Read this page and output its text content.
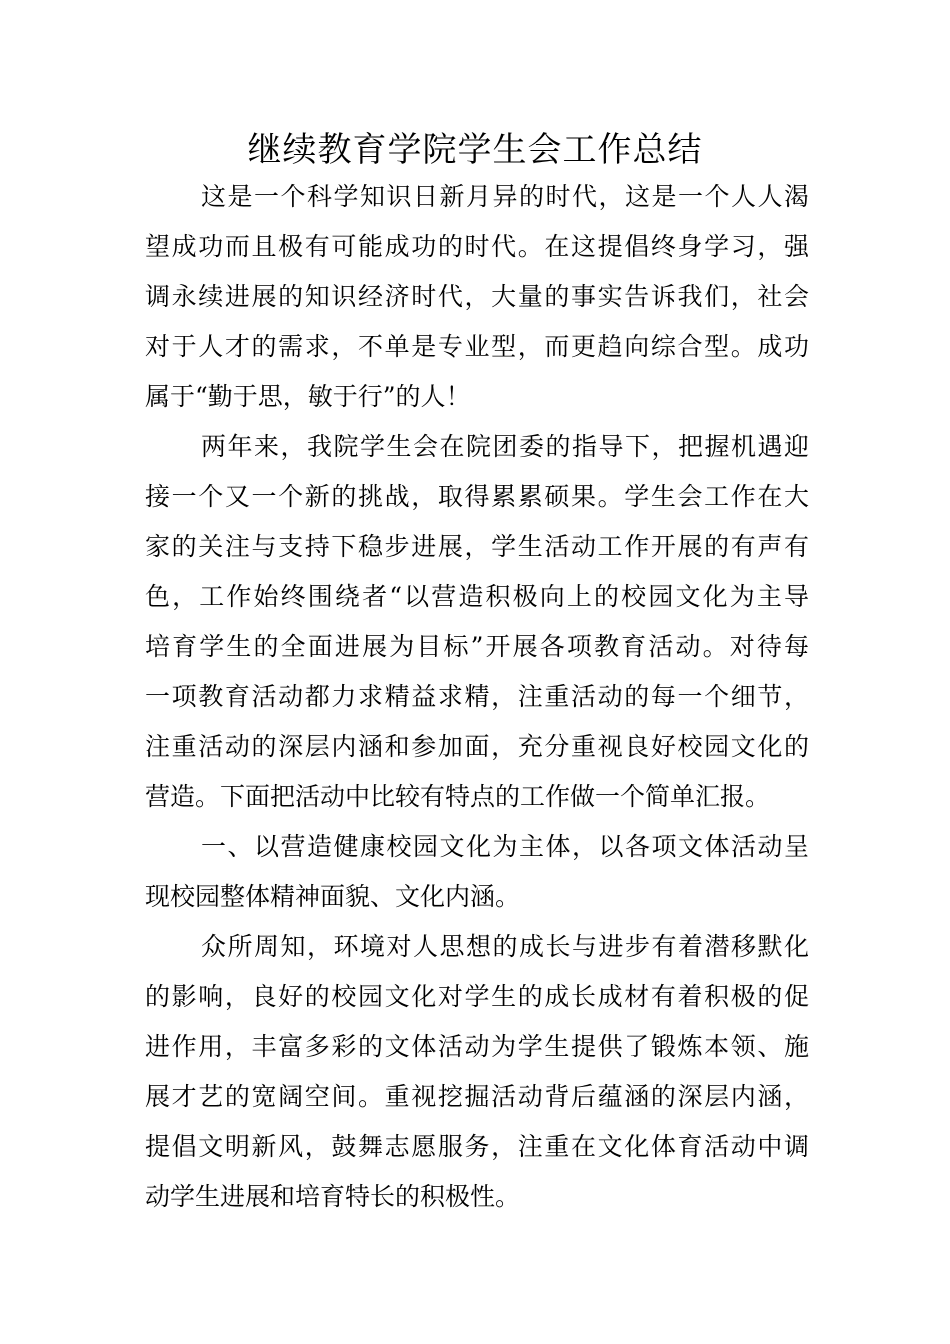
继续教育学院学生会工作总结
这是一个科学知识日新月异的时代，这是一个人人渴
望成功而且极有可能成功的时代。在这提倡终身学习，强
调永续进展的知识经济时代，大量的事实告诉我们，社会
对于人才的需求，不单是专业型，而更趋向综合型。成功
属于“勤于思，敏于行”的人！
两年来，我院学生会在院团委的指导下，把握机遇迎
接一个又一个新的挑战，取得累累硕果。学生会工作在大
家的关注与支持下稳步进展，学生活动工作开展的有声有
色，工作始终围绕者“以营造积极向上的校园文化为主导
培育学生的全面进展为目标”开展各项教育活动。对待每
一项教育活动都力求精益求精，注重活动的每一个细节，
注重活动的深层内涵和参加面，充分重视良好校园文化的
营造。下面把活动中比较有特点的工作做一个简单汇报。
一、以营造健康校园文化为主体，以各项文体活动呈
现校园整体精神面貌、文化内涵。
众所周知，环境对人思想的成长与进步有着潜移默化
的影响，良好的校园文化对学生的成长成材有着积极的促
进作用，丰富多彩的文体活动为学生提供了锻炼本领、施
展才艺的宽阔空间。重视挖掘活动背后蕴涵的深层内涵，
提倡文明新风，鼓舞志愿服务，注重在文化体育活动中调
动学生进展和培育特长的积极性。
